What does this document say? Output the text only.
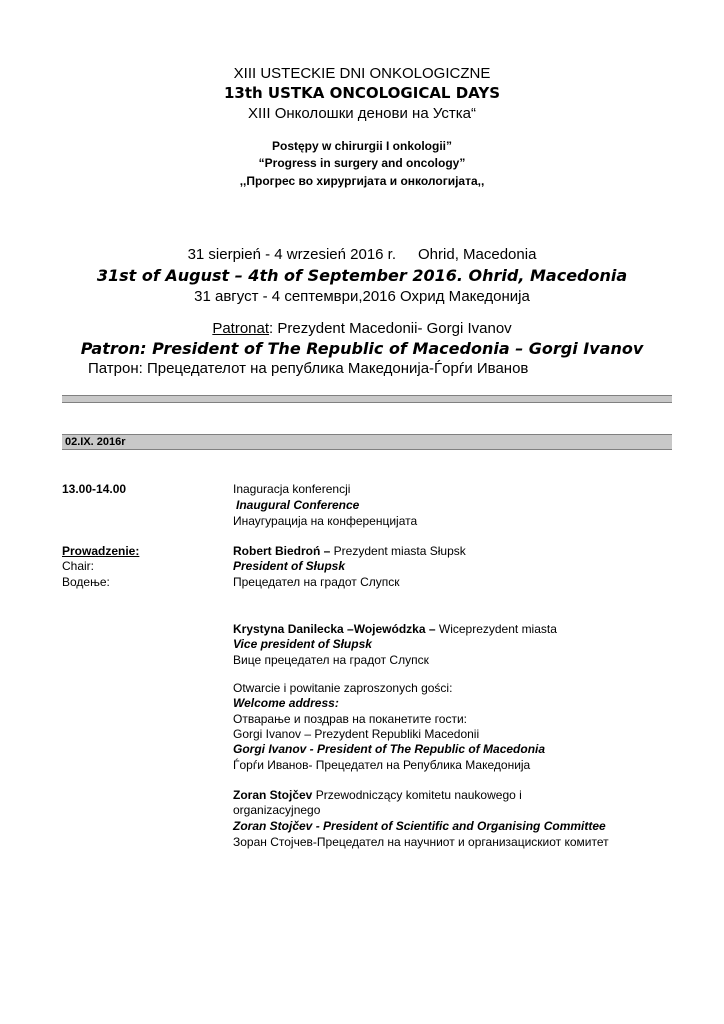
XIII USTECKIE DNI ONKOLOGICZNE
13th USTKA ONCOLOGICAL DAYS
XIII Онколошки денови на Устка“
Postępy w chirurgii I onkologii”
“Progress in surgery and oncology”
,,Прогрес во хирургијата и онкологијата,,
31 sierpień - 4 wrzesień 2016 r. Ohrid, Macedonia
31st of August – 4th of September 2016. Ohrid, Macedonia
31 август - 4 септември,2016 Охрид Македонија
Patronat: Prezydent Macedonii- Gorgi Ivanov
Patron: President of The Republic of Macedonia – Gorgi Ivanov
Патрон: Прецедателот на република Македонија-Ѓорѓи Иванов
02.IX. 2016r
13.00-14.00	Inaguracja konferencji
Inaugural Conference
Инаугурација на конференцијата
Prowadzenie:
Chair:
Водење:
Robert Biedroń – Prezydent miasta Słupsk
President of Słupsk
Прецедател на градот Слупск
Krystyna Danilecka –Wojewódzka – Wiceprezydent miasta
Vice president of Słupsk
Вице прецедател на градот Слупск
Otwarcie i powitanie zaproszonych gości:
Welcome address:
Отварање и поздрав на поканетите гости:
Gorgi Ivanov – Prezydent Republiki Macedonii
Gorgi Ivanov - President of The Republic of Macedonia
Ѓорѓи Иванов- Прецедател на Република Македонија
Zoran Stojčev Przewodniczący komitetu naukowego i
organizacyjnego
Zoran Stojčev - President of Scientific and Organising Committee
Зоран Стојчев-Прецедател на научниот и организацискиот комитет
